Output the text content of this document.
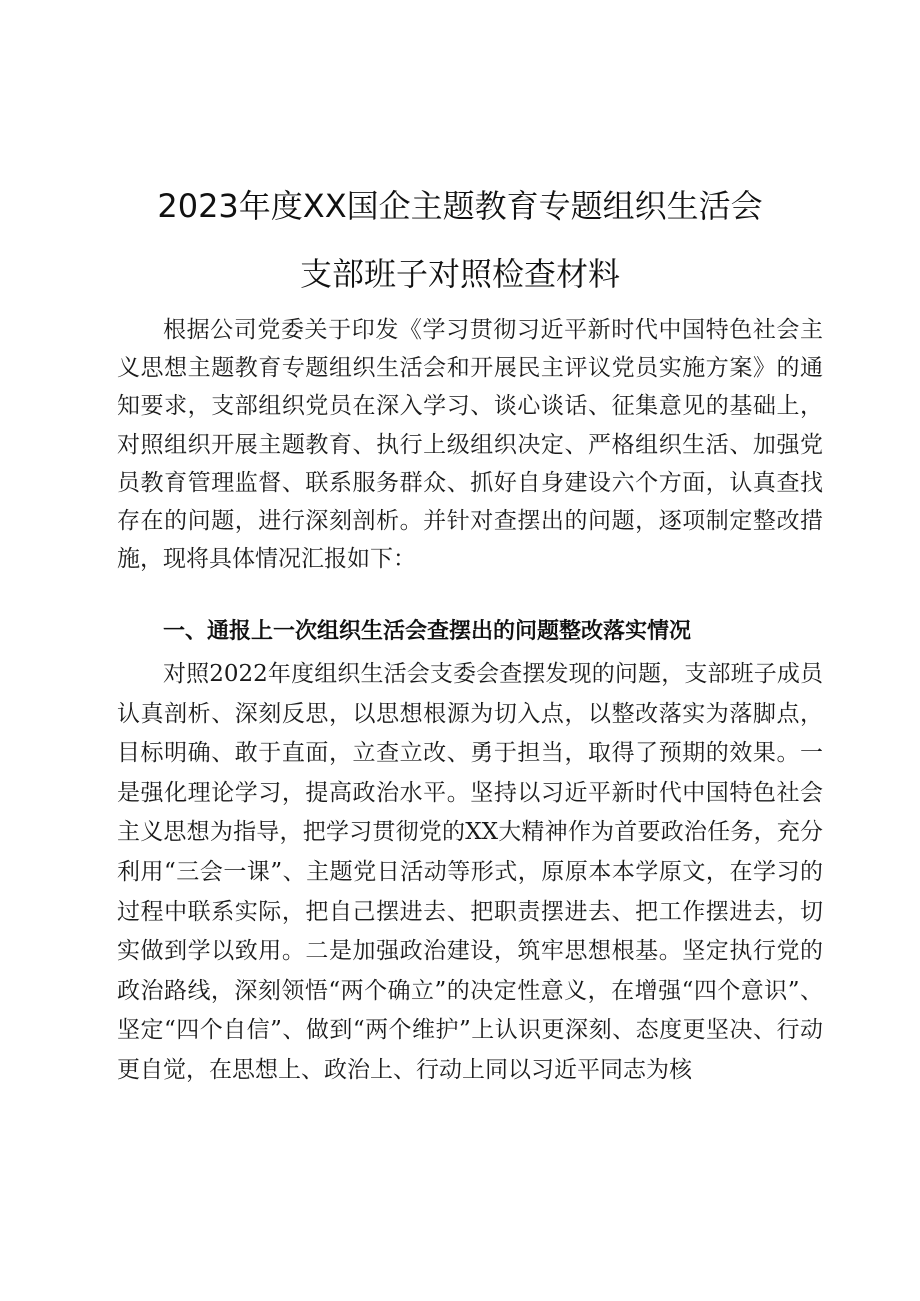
2023年度XX国企主题教育专题组织生活会
支部班子对照检查材料

根据公司党委关于印发《学习贯彻习近平新时代中国特色社会主义思想主题教育专题组织生活会和开展民主评议党员实施方案》的通知要求，支部组织党员在深入学习、谈心谈话、征集意见的基础上，对照组织开展主题教育、执行上级组织决定、严格组织生活、加强党员教育管理监督、联系服务群众、抓好自身建设六个方面，认真查找存在的问题，进行深刻剖析。并针对查摆出的问题，逐项制定整改措施，现将具体情况汇报如下：

一、通报上一次组织生活会查摆出的问题整改落实情况

对照2022年度组织生活会支委会查摆发现的问题，支部班子成员认真剖析、深刻反思，以思想根源为切入点，以整改落实为落脚点，目标明确、敢于直面，立查立改、勇于担当，取得了预期的效果。一是强化理论学习，提高政治水平。坚持以习近平新时代中国特色社会主义思想为指导，把学习贯彻党的XX大精神作为首要政治任务，充分利用“三会一课”、主题党日活动等形式，原原本本学原文，在学习的过程中联系实际，把自己摆进去、把职责摆进去、把工作摆进去，切实做到学以致用。二是加强政治建设，筑牢思想根基。坚定执行党的政治路线，深刻领悟“两个确立”的决定性意义，在增强“四个意识”、坚定“四个自信”、做到“两个维护”上认识更深刻、态度更坚决、行动更自觉，在思想上、政治上、行动上同以习近平同志为核
